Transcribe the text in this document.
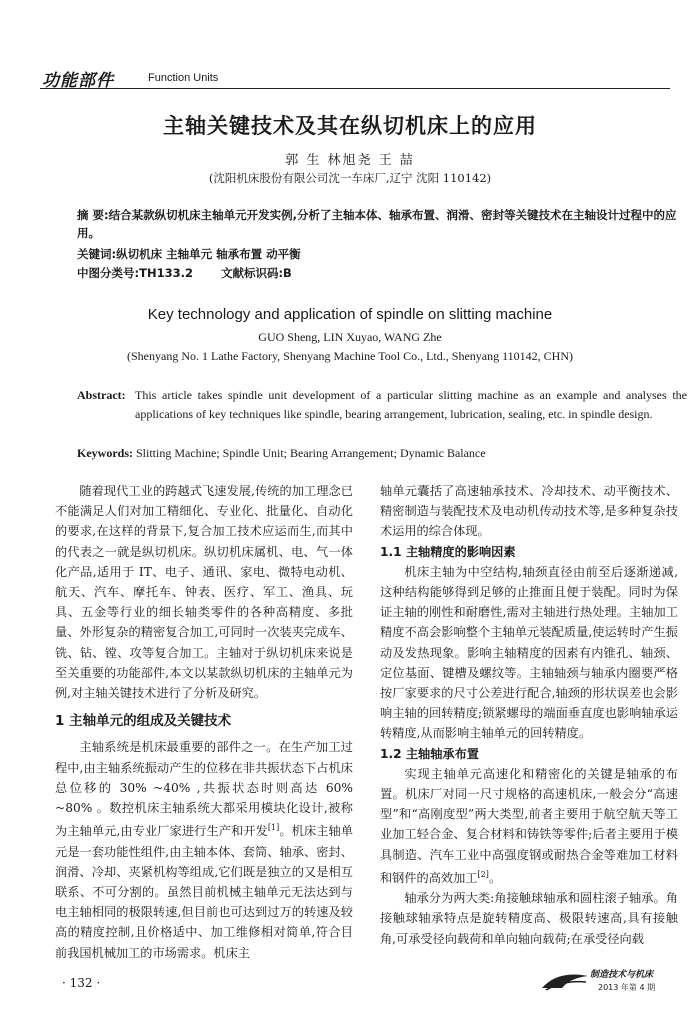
功能部件	Function Units
主轴关键技术及其在纵切机床上的应用
郭 生 林旭尧 王 喆
(沈阳机床股份有限公司沈一车床厂,辽宁 沈阳 110142)
摘 要:结合某款纵切机床主轴单元开发实例,分析了主轴本体、轴承布置、润滑、密封等关键技术在主轴设计过程中的应用。
关键词:纵切机床 主轴单元 轴承布置 动平衡
中图分类号:TH133.2 文献标识码:B
Key technology and application of spindle on slitting machine
GUO Sheng, LIN Xuyao, WANG Zhe
(Shenyang No. 1 Lathe Factory, Shenyang Machine Tool Co., Ltd., Shenyang 110142, CHN)
Abstract: This article takes spindle unit development of a particular slitting machine as an example and analyses the applications of key techniques like spindle, bearing arrangement, lubrication, sealing, etc. in spindle design.
Keywords: Slitting Machine; Spindle Unit; Bearing Arrangement; Dynamic Balance

随着现代工业的跨越式飞速发展,传统的加工理念已不能满足人们对加工精细化、专业化、批量化、自动化的要求,在这样的背景下,复合加工技术应运而生,而其中的代表之一就是纵切机床。纵切机床属机、电、气一体化产品,适用于 IT、电子、通讯、家电、微特电动机、航天、汽车、摩托车、钟表、医疗、军工、渔具、玩具、五金等行业的细长轴类零件的各种高精度、多批量、外形复杂的精密复合加工,可同时一次装夹完成车、铣、钻、镗、攻等复合加工。主轴对于纵切机床来说是至关重要的功能部件,本文以某款纵切机床的主轴单元为例,对主轴关键技术进行了分析及研究。

1 主轴单元的组成及关键技术

主轴系统是机床最重要的部件之一。在生产加工过程中,由主轴系统振动产生的位移在非共振状态下占机床总位移的 30% ~40% ,共振状态时则高达 60% ~80% 。数控机床主轴系统大都采用模块化设计,被称为主轴单元,由专业厂家进行生产和开发[1]。机床主轴单元是一套功能性组件,由主轴本体、套筒、轴承、密封、润滑、冷却、夹紧机构等组成,它们既是独立的又是相互联系、不可分割的。虽然目前机械主轴单元无法达到与电主轴相同的极限转速,但目前也可达到过万的转速及较高的精度控制,且价格适中、加工维修相对简单,符合目前我国机械加工的市场需求。机床主

轴单元囊括了高速轴承技术、冷却技术、动平衡技术、精密制造与装配技术及电动机传动技术等,是多种复杂技术运用的综合体现。

1.1 主轴精度的影响因素

机床主轴为中空结构,轴颈直径由前至后逐渐递减,这种结构能够得到足够的止推面且便于装配。同时为保证主轴的刚性和耐磨性,需对主轴进行热处理。主轴加工精度不高会影响整个主轴单元装配质量,使运转时产生振动及发热现象。影响主轴精度的因素有内锥孔、轴颈、定位基面、键槽及螺纹等。主轴轴颈与轴承内圈要严格按厂家要求的尺寸公差进行配合,轴颈的形状误差也会影响主轴的回转精度;锁紧螺母的端面垂直度也影响轴承运转精度,从而影响主轴单元的回转精度。

1.2 主轴轴承布置

实现主轴单元高速化和精密化的关键是轴承的布置。机床厂对同一尺寸规格的高速机床,一般会分“高速型”和“高刚度型”两大类型,前者主要用于航空航天等工业加工轻合金、复合材料和铸铁等零件;后者主要用于模具制造、汽车工业中高强度钢或耐热合金等难加工材料和钢件的高效加工[2]。

轴承分为两大类:角接触球轴承和圆柱滚子轴承。角接触球轴承特点是旋转精度高、极限转速高,具有接触角,可承受径向载荷和单向轴向载荷;在承受径向载

· 132 ·
制造技术与机床
2013 年第 4 期
